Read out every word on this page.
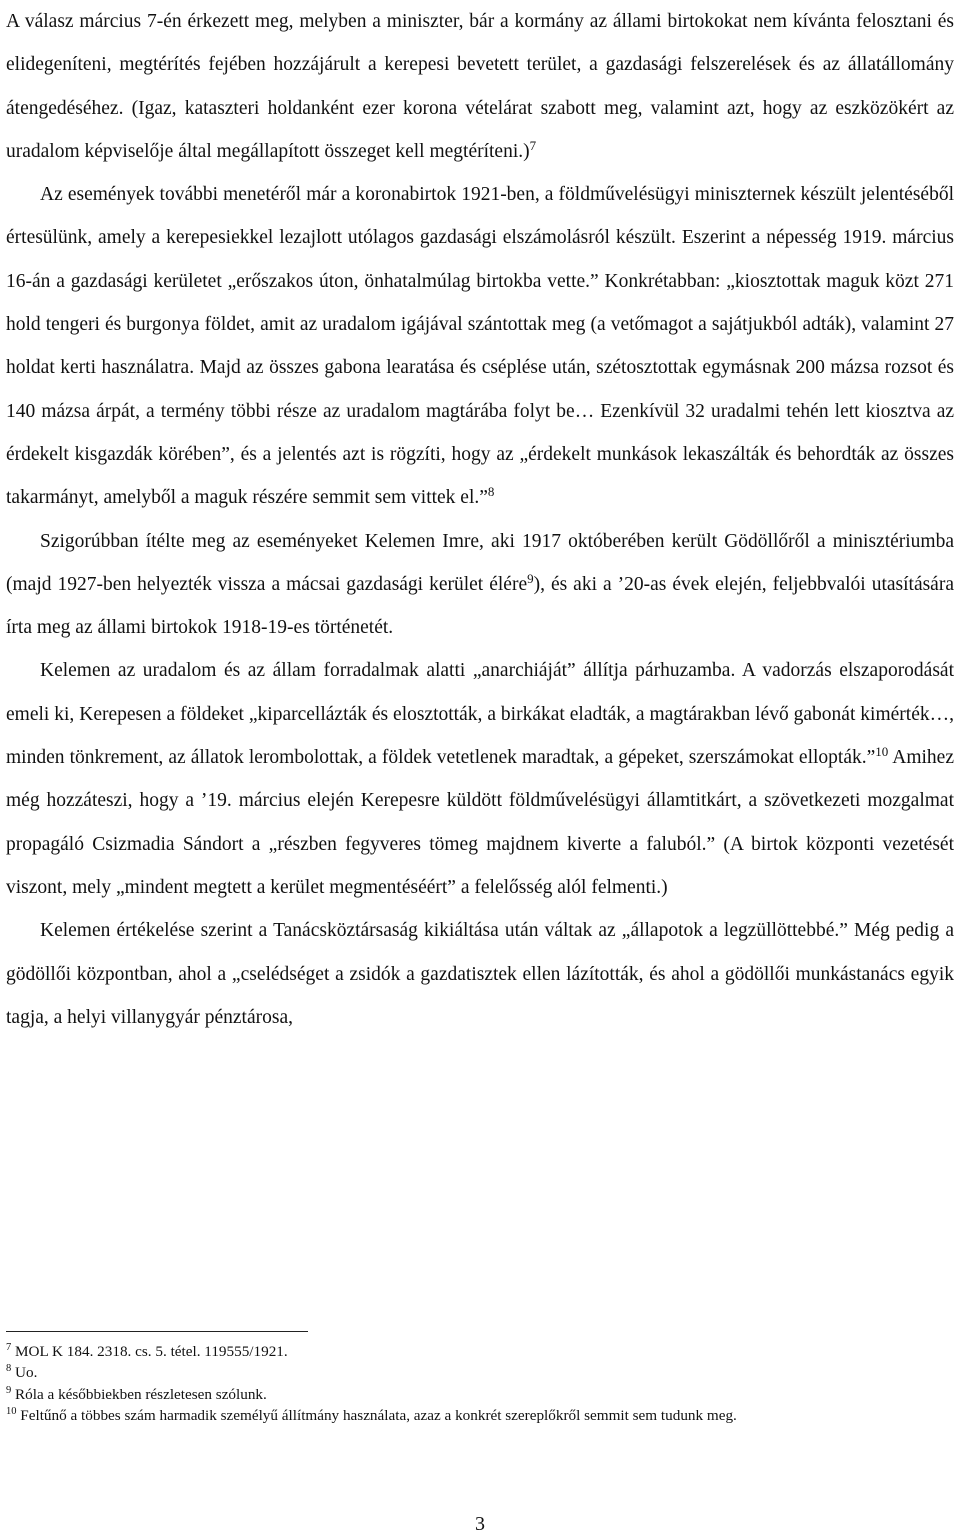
A válasz március 7-én érkezett meg, melyben a miniszter, bár a kormány az állami birtokokat nem kívánta felosztani és elidegeníteni, megtérítés fejében hozzájárult a kerepesi bevetett terület, a gazdasági felszerelések és az állatállomány átengedéséhez. (Igaz, kataszteri holdanként ezer korona vételárat szabott meg, valamint azt, hogy az eszközökért az uradalom képviselője által megállapított összeget kell megtéríteni.)$^7$

Az események további menetéről már a koronabirtok 1921-ben, a földművelésügyi miniszternek készült jelentéséből értesülünk, amely a kerepesiekkel lezajlott utólagos gazdasági elszámolásról készült. Eszerint a népesség 1919. március 16-án a gazdasági kerületet „erőszakos úton, önhatalmúlag birtokba vette.” Konkrétabban: „kiosztottak maguk közt 271 hold tengeri és burgonya földet, amit az uradalom igájával szántottak meg (a vetőmagot a sajátjukból adták), valamint 27 holdat kerti használatra. Majd az összes gabona learatása és cséplése után, szétosztottak egymásnak 200 mázsa rozsot és 140 mázsa árpát, a termény többi része az uradalom magtárába folyt be… Ezenkívül 32 uradalmi tehén lett kiosztva az érdekelt kisgazdák körében”, és a jelentés azt is rögzíti, hogy az „érdekelt munkások lekaszálták és behordták az összes takarmányt, amelyből a maguk részére semmit sem vittek el.”$^8$

Szigorúbban ítélte meg az eseményeket Kelemen Imre, aki 1917 októberében került Gödöllőről a minisztériumba (majd 1927-ben helyezték vissza a mácsai gazdasági kerület élére$^9$), és aki a ’20-as évek elején, feljebbvalói utasítására írta meg az állami birtokok 1918-19-es történetét.

Kelemen az uradalom és az állam forradalmak alatti „anarchiáját” állítja párhuzamba. A vadorzás elszaporodását emeli ki, Kerepesen a földeket „kiparcellázták és elosztották, a birkákat eladták, a magtárakban lévő gabonát kimérték…, minden tönkrement, az állatok lerombolottak, a földek vetetlenek maradtak, a gépeket, szerszámokat ellopták.”$^{10}$ Amihez még hozzáteszi, hogy a ’19. március elején Kerepesre küldött földművelésügyi államtitkárt, a szövetkezeti mozgalmat propagáló Csizmadia Sándort a „részben fegyveres tömeg majdnem kiverte a faluból.” (A birtok központi vezetését viszont, mely „mindent megtett a kerület megmentéséért” a felelősség alól felmenti.)

Kelemen értékelése szerint a Tanácsköztársaság kikiáltása után váltak az „állapotok a legzüllöttebbé.” Még pedig a gödöllői központban, ahol a „cselédséget a zsidók a gazdatisztek ellen lázították, és ahol a gödöllői munkástanács egyik tagja, a helyi villanygyár pénztárosa,

$^7$ MOL K 184. 2318. cs. 5. tétel. 119555/1921.

$^8$ Uo.

$^9$ Róla a későbbiekben részletesen szólunk.

$^{10}$ Feltűnő a többes szám harmadik személyű állítmány használata, azaz a konkrét szereplőkről semmit sem tudunk meg.

3
